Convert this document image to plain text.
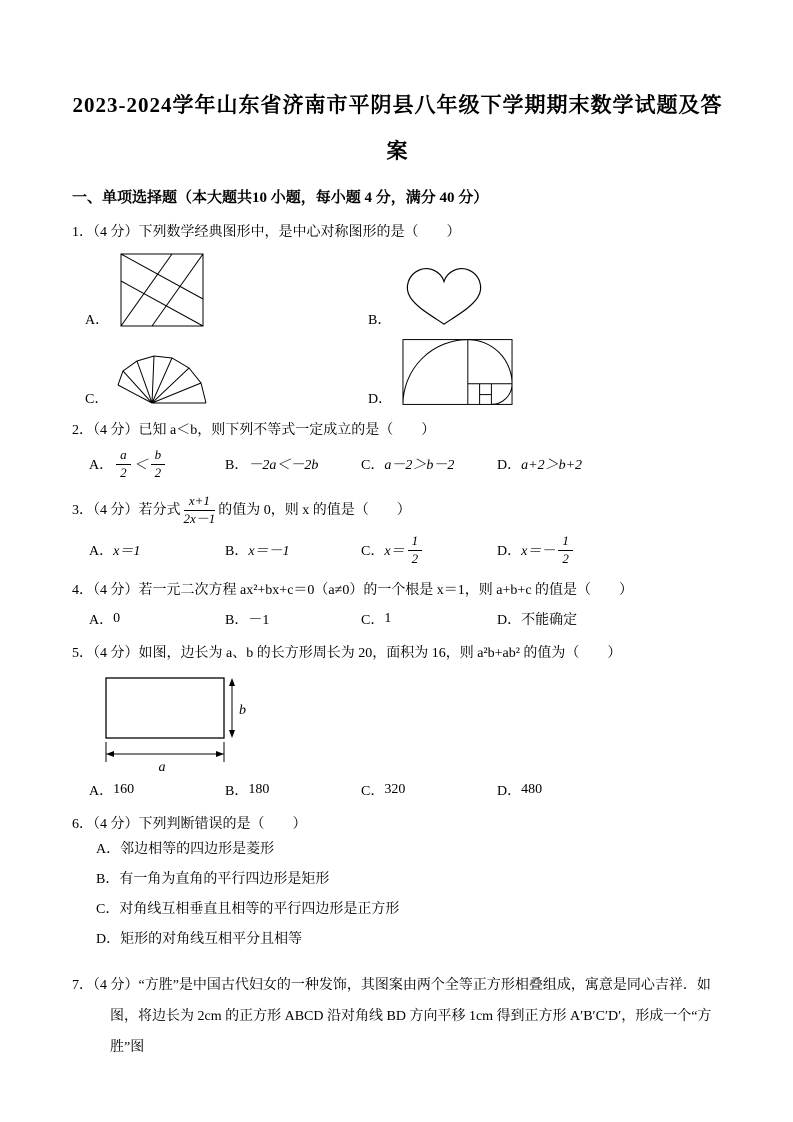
2023-2024学年山东省济南市平阴县八年级下学期期末数学试题及答
案
一、单项选择题（本大题共10 小题，每小题 4 分，满分 40 分）
1．（4 分）下列数学经典图形中，是中心对称图形的是（　　）
A．	B．
C．	D．
2．（4 分）已知 a＜b，则下列不等式一定成立的是（　　）
A． $\frac{a}{2} < \frac{b}{2}$	B． －2a＜－2b	C． a－2＞b－2	D． a+2＞b+2
3．（4 分）若分式 $\frac{x+1}{2x-1}$ 的值为 0，则 x 的值是（　　）
A． x＝1	B． x＝－1	C． $x= \frac{1}{2}$	D． $x=- \frac{1}{2}$
4．（4 分）若一元二次方程 ax²+bx+c＝0（a≠0）的一个根是 x＝1，则 a+b+c 的值是（　　）
A． 0	B． －1	C． 1	D． 不能确定
5．（4 分）如图，边长为 a、b 的长方形周长为 20，面积为 16，则 a²b+ab² 的值为（　　）
b
a
A． 160	B． 180	C． 320	D． 480
6．（4 分）下列判断错误的是（　　）
A．邻边相等的四边形是菱形
B．有一角为直角的平行四边形是矩形
C．对角线互相垂直且相等的平行四边形是正方形
D．矩形的对角线互相平分且相等
7．（4 分）“方胜”是中国古代妇女的一种发饰，其图案由两个全等正方形相叠组成，寓意是同心吉祥．如
图，将边长为 2cm 的正方形 ABCD 沿对角线 BD 方向平移 1cm 得到正方形 A′B′C′D′，形成一个“方胜”图
